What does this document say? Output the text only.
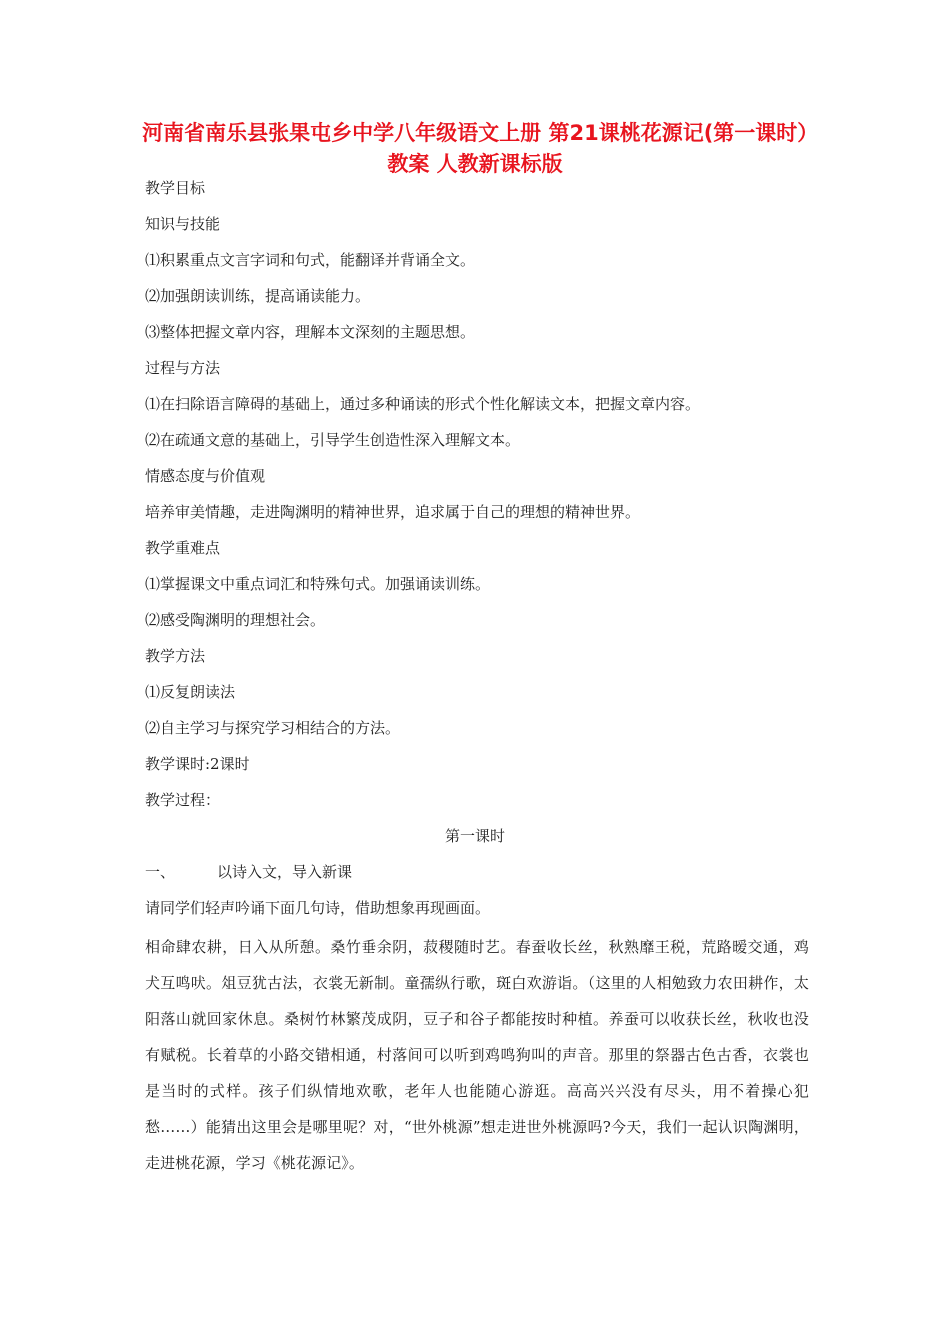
河南省南乐县张果屯乡中学八年级语文上册 第21课桃花源记(第一课时）教案 人教新课标版
教学目标
知识与技能
⑴积累重点文言字词和句式，能翻译并背诵全文。
⑵加强朗读训练，提高诵读能力。
⑶整体把握文章内容，理解本文深刻的主题思想。
过程与方法
⑴在扫除语言障碍的基础上，通过多种诵读的形式个性化解读文本，把握文章内容。
⑵在疏通文意的基础上，引导学生创造性深入理解文本。
情感态度与价值观
培养审美情趣，走进陶渊明的精神世界，追求属于自己的理想的精神世界。
教学重难点
⑴掌握课文中重点词汇和特殊句式。加强诵读训练。
⑵感受陶渊明的理想社会。
教学方法
⑴反复朗读法
⑵自主学习与探究学习相结合的方法。
教学课时:2课时
教学过程：
第一课时
一、	以诗入文，导入新课
请同学们轻声吟诵下面几句诗，借助想象再现画面。
相命肆农耕，日入从所憩。桑竹垂余阴，菽稷随时艺。春蚕收长丝，秋熟靡王税，荒路暧交通，鸡犬互鸣吠。俎豆犹古法，衣裳无新制。童孺纵行歌，斑白欢游诣。（这里的人相勉致力农田耕作，太阳落山就回家休息。桑树竹林繁茂成阴，豆子和谷子都能按时种植。养蚕可以收获长丝，秋收也没有赋税。长着草的小路交错相通，村落间可以听到鸡鸣狗叫的声音。那里的祭器古色古香，衣裳也是当时的式样。孩子们纵情地欢歌，老年人也能随心游逛。高高兴兴没有尽头，用不着操心犯愁……）能猜出这里会是哪里呢？对，“世外桃源”想走进世外桃源吗?今天，我们一起认识陶渊明，走进桃花源，学习《桃花源记》。
